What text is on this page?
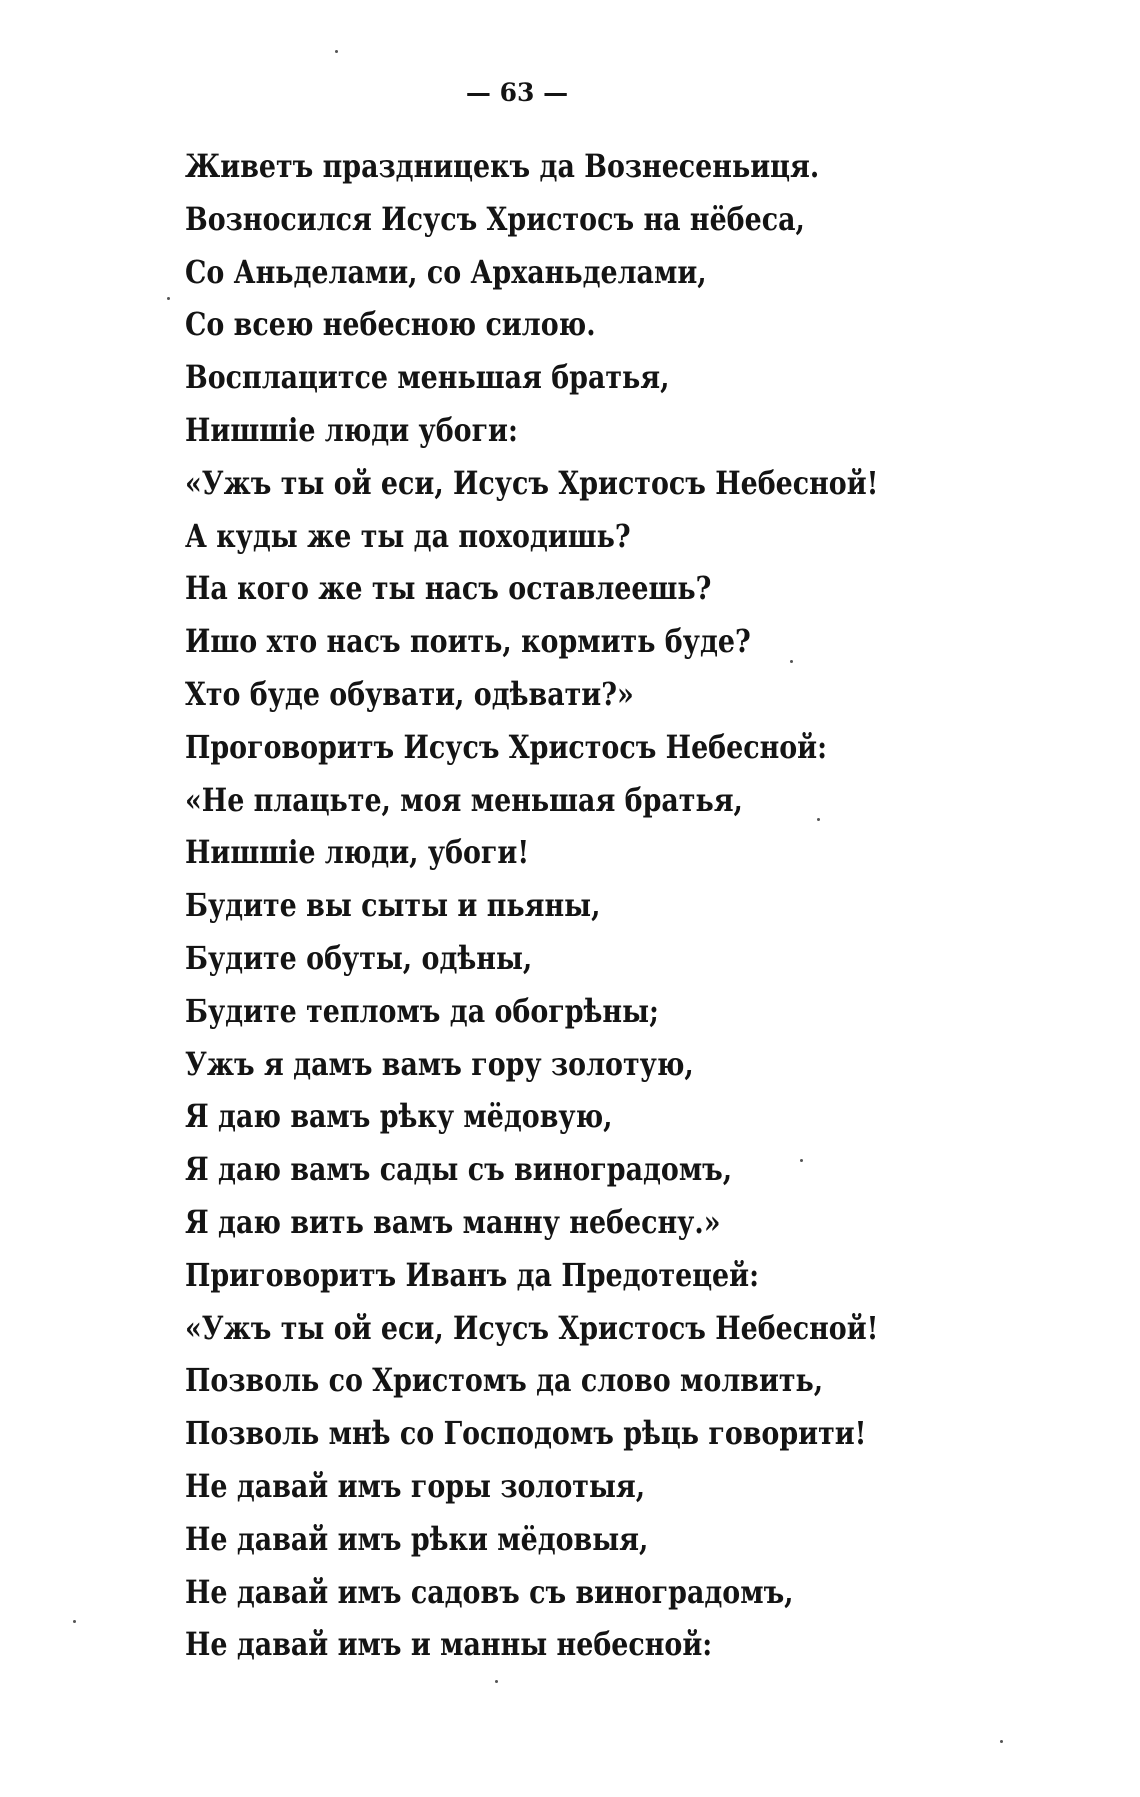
— 63 —
Живетъ праздницекъ да Вознесеньиця.
Возносился Исусъ Христосъ на нёбеса,
Со Аньделами, со Арханьделами,
Со всею небесною силою.
Восплацитсе меньшая братья,
Нишшіе люди убоги:
«Ужъ ты ой еси, Исусъ Христосъ Небесной!
А куды же ты да походишь?
На кого же ты насъ оставлеешь?
Ишо хто насъ поить, кормить буде?
Хто буде обувати, одѣвати?»
Проговоритъ Исусъ Христосъ Небесной:
«Не плацьте, моя меньшая братья,
Нишшіе люди, убоги!
Будите вы сыты и пьяны,
Будите обуты, одѣны,
Будите тепломъ да обогрѣны;
Ужъ я дамъ вамъ гору золотую,
Я даю вамъ рѣку мёдовую,
Я даю вамъ сады съ виноградомъ,
Я даю вить вамъ манну небесну.»
Приговоритъ Иванъ да Предотецей:
«Ужъ ты ой еси, Исусъ Христосъ Небесной!
Позволь со Христомъ да слово молвить,
Позволь мнѣ со Господомъ рѣць говорити!
Не давай имъ горы золотыя,
Не давай имъ рѣки мёдовыя,
Не давай имъ садовъ съ виноградомъ,
Не давай имъ и манны небесной:
